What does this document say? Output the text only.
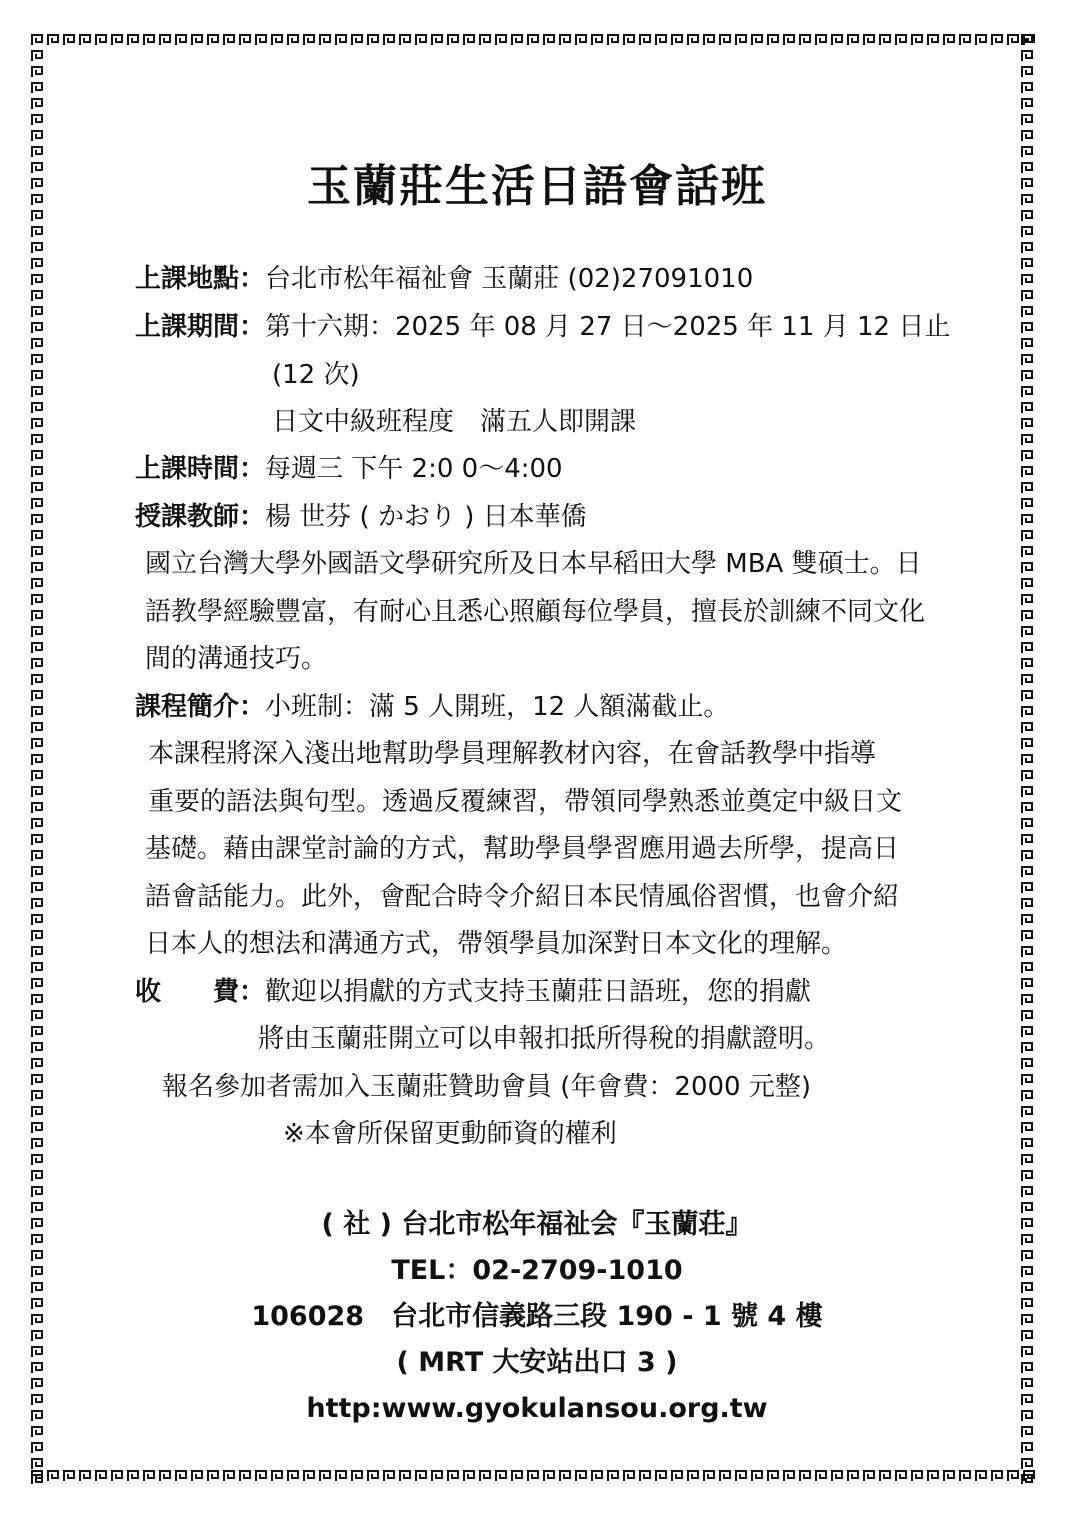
玉蘭莊生活日語會話班
上課地點：台北市松年福祉會 玉蘭莊 (02)27091010
上課期間：第十六期：2025 年 08 月 27 日～2025 年 11 月 12 日止
(12 次)
日文中級班程度　滿五人即開課
上課時間：每週三 下午 2:0 0～4:00
授課教師：楊 世芬 ( かおり ) 日本華僑
國立台灣大學外國語文學研究所及日本早稻田大學 MBA 雙碩士。日
語教學經驗豐富，有耐心且悉心照顧每位學員，擅長於訓練不同文化
間的溝通技巧。
課程簡介：小班制：滿 5 人開班，12 人額滿截止。
本課程將深入淺出地幫助學員理解教材內容，在會話教學中指導
重要的語法與句型。透過反覆練習，帶領同學熟悉並奠定中級日文
基礎。藉由課堂討論的方式，幫助學員學習應用過去所學，提高日
語會話能力。此外，會配合時令介紹日本民情風俗習慣，也會介紹
日本人的想法和溝通方式，帶領學員加深對日本文化的理解。
收　　費：歡迎以捐獻的方式支持玉蘭莊日語班，您的捐獻
將由玉蘭莊開立可以申報扣抵所得稅的捐獻證明。
報名參加者需加入玉蘭莊贊助會員 (年會費：2000 元整)
※本會所保留更動師資的權利
( 社 ) 台北市松年福祉会『玉蘭荘』
TEL：02-2709-1010
106028　台北市信義路三段 190 - 1 號 4 樓
( MRT 大安站出口 3 )
http:www.gyokulansou.org.tw
